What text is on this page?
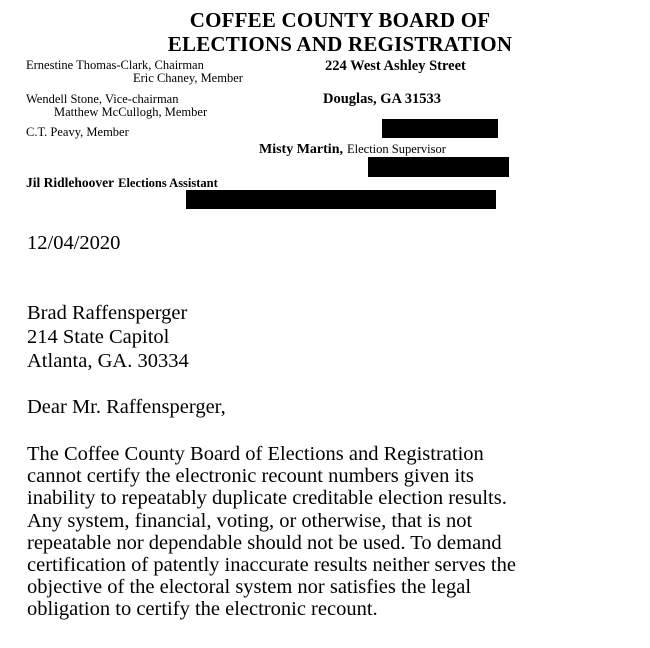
COFFEE COUNTY BOARD OF
ELECTIONS AND REGISTRATION
Ernestine Thomas-Clark, Chairman
Eric Chaney, Member
Wendell Stone, Vice-chairman
Matthew McCullogh, Member
C.T. Peavy, Member
224 West Ashley Street
Douglas, GA 31533
Misty Martin, Election Supervisor
Jil Ridlehoover Elections Assistant
12/04/2020
Brad Raffensperger
214 State Capitol
Atlanta, GA. 30334
Dear Mr. Raffensperger,
The Coffee County Board of Elections and Registration
cannot certify the electronic recount numbers given its
inability to repeatably duplicate creditable election results.
Any system, financial, voting, or otherwise, that is not
repeatable nor dependable should not be used. To demand
certification of patently inaccurate results neither serves the
objective of the electoral system nor satisfies the legal
obligation to certify the electronic recount.
